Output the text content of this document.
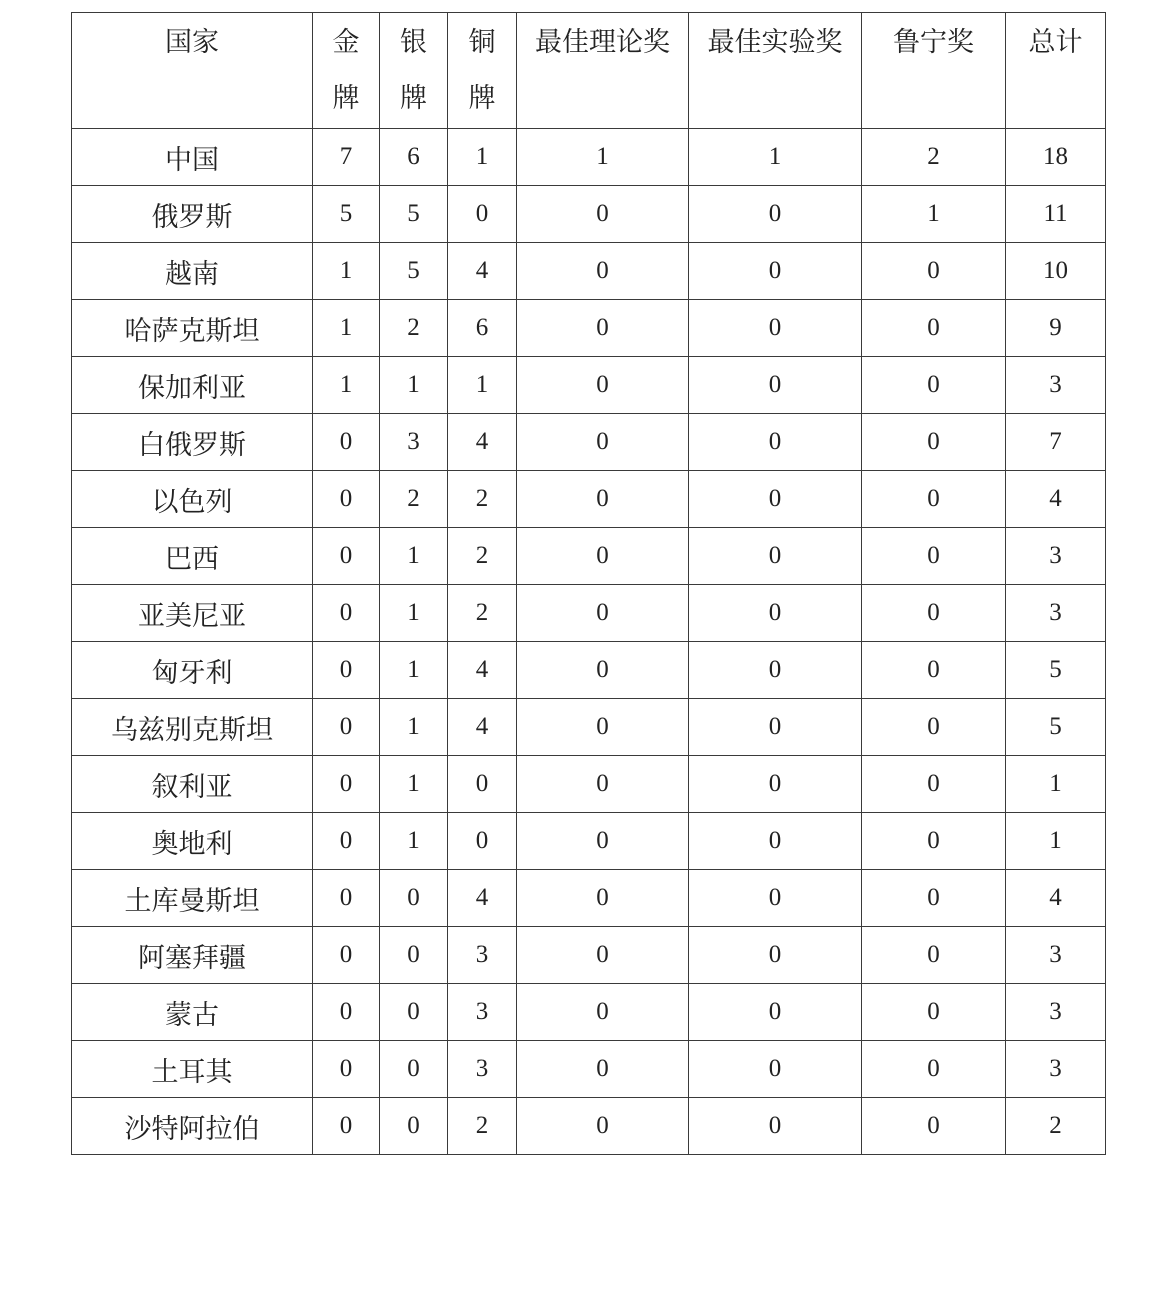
国家	金牌	银牌	铜牌	最佳理论奖	最佳实验奖	鲁宁奖	总计
中国	7	6	1	1	1	2	18
俄罗斯	5	5	0	0	0	1	11
越南	1	5	4	0	0	0	10
哈萨克斯坦	1	2	6	0	0	0	9
保加利亚	1	1	1	0	0	0	3
白俄罗斯	0	3	4	0	0	0	7
以色列	0	2	2	0	0	0	4
巴西	0	1	2	0	0	0	3
亚美尼亚	0	1	2	0	0	0	3
匈牙利	0	1	4	0	0	0	5
乌兹别克斯坦	0	1	4	0	0	0	5
叙利亚	0	1	0	0	0	0	1
奥地利	0	1	0	0	0	0	1
土库曼斯坦	0	0	4	0	0	0	4
阿塞拜疆	0	0	3	0	0	0	3
蒙古	0	0	3	0	0	0	3
土耳其	0	0	3	0	0	0	3
沙特阿拉伯	0	0	2	0	0	0	2
